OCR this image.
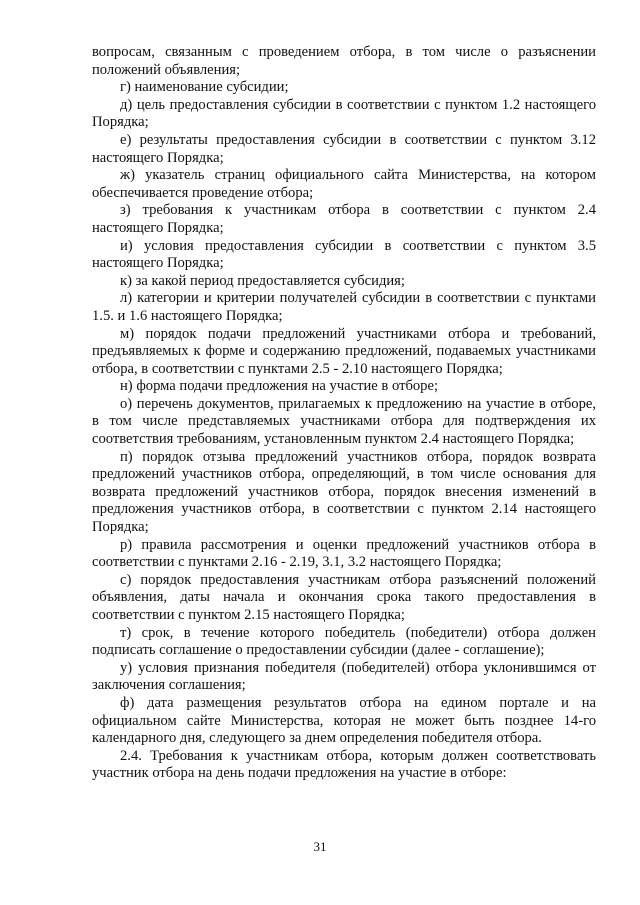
вопросам, связанным с проведением отбора, в том числе о разъяснении положений объявления;

г) наименование субсидии;

д) цель предоставления субсидии в соответствии с пунктом 1.2 настоящего Порядка;

е) результаты предоставления субсидии в соответствии с пунктом 3.12 настоящего Порядка;

ж) указатель страниц официального сайта Министерства, на котором обеспечивается проведение отбора;

з) требования к участникам отбора в соответствии с пунктом 2.4 настоящего Порядка;

и) условия предоставления субсидии в соответствии с пунктом 3.5 настоящего Порядка;

к) за какой период предоставляется субсидия;

л) категории и критерии получателей субсидии в соответствии с пунктами 1.5. и 1.6 настоящего Порядка;

м) порядок подачи предложений участниками отбора и требований, предъявляемых к форме и содержанию предложений, подаваемых участниками отбора, в соответствии с пунктами 2.5 - 2.10 настоящего Порядка;

н) форма подачи предложения на участие в отборе;

о) перечень документов, прилагаемых к предложению на участие в отборе, в том числе представляемых участниками отбора для подтверждения их соответствия требованиям, установленным пунктом 2.4 настоящего Порядка;

п) порядок отзыва предложений участников отбора, порядок возврата предложений участников отбора, определяющий, в том числе основания для возврата предложений участников отбора, порядок внесения изменений в предложения участников отбора, в соответствии с пунктом 2.14 настоящего Порядка;

р) правила рассмотрения и оценки предложений участников отбора в соответствии с пунктами 2.16 - 2.19, 3.1, 3.2 настоящего Порядка;

с) порядок предоставления участникам отбора разъяснений положений объявления, даты начала и окончания срока такого предоставления в соответствии с пунктом 2.15 настоящего Порядка;

т) срок, в течение которого победитель (победители) отбора должен подписать соглашение о предоставлении субсидии (далее - соглашение);

у) условия признания победителя (победителей) отбора уклонившимся от заключения соглашения;

ф) дата размещения результатов отбора на едином портале и на официальном сайте Министерства, которая не может быть позднее 14-го календарного дня, следующего за днем определения победителя отбора.

2.4. Требования к участникам отбора, которым должен соответствовать участник отбора на день подачи предложения на участие в отборе:

31
